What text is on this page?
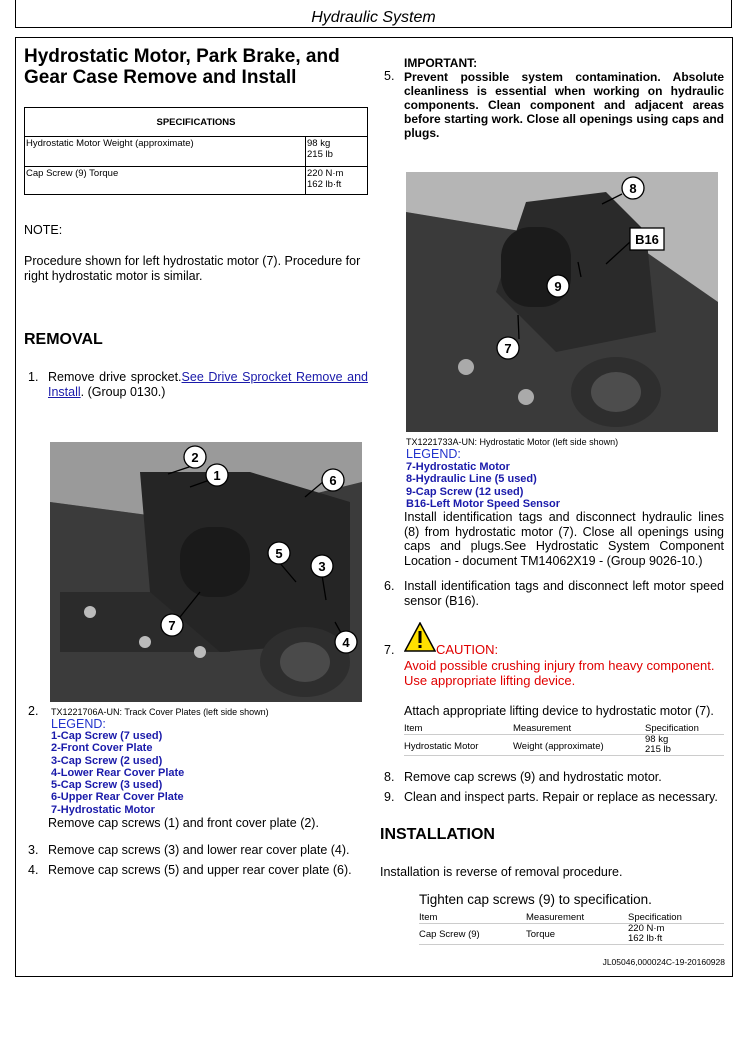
Hydraulic System
Hydrostatic Motor, Park Brake, and Gear Case Remove and Install
SPECIFICATIONS	
Hydrostatic Motor Weight (approximate)	98 kg
215 lb

Cap Screw (9) Torque	220 N·m
162 lb·ft
NOTE:
Procedure shown for left hydrostatic motor (7). Procedure for right hydrostatic motor is similar.
REMOVAL
1. Remove drive sprocket.See Drive Sprocket Remove and Install. (Group 0130.)
2
1	6
5
3
7
4
2. TX1221706A-UN: Track Cover Plates (left side shown)
LEGEND:
1-Cap Screw (7 used)
2-Front Cover Plate
3-Cap Screw (2 used)
4-Lower Rear Cover Plate
5-Cap Screw (3 used)
6-Upper Rear Cover Plate
7-Hydrostatic Motor
Remove cap screws (1) and front cover plate (2).
3. Remove cap screws (3) and lower rear cover plate (4).
4. Remove cap screws (5) and upper rear cover plate (6).
IMPORTANT:
5. Prevent possible system contamination. Absolute cleanliness is essential when working on hydraulic components. Clean component and adjacent areas before starting work. Close all openings using caps and plugs.
8
B16
9
7
TX1221733A-UN: Hydrostatic Motor (left side shown)
LEGEND:
7-Hydrostatic Motor
8-Hydraulic Line (5 used)
9-Cap Screw (12 used)
B16-Left Motor Speed Sensor
Install identification tags and disconnect hydraulic lines (8) from hydrostatic motor (7). Close all openings using caps and plugs.See Hydrostatic System Component Location - document TM14062X19 - (Group 9026-10.)
6. Install identification tags and disconnect left motor speed sensor (B16).
7.	CAUTION:
Avoid possible crushing injury from heavy component. Use appropriate lifting device.
Attach appropriate lifting device to hydrostatic motor (7).
Item	Measurement	Specification
Hydrostatic Motor	Weight (approximate)	98 kg
215 lb
8. Remove cap screws (9) and hydrostatic motor.
9. Clean and inspect parts. Repair or replace as necessary.
INSTALLATION
Installation is reverse of removal procedure.
Tighten cap screws (9) to specification.
Item	Measurement	Specification
Cap Screw (9)	Torque	220 N·m
162 lb·ft
JL05046,000024C-19-20160928
